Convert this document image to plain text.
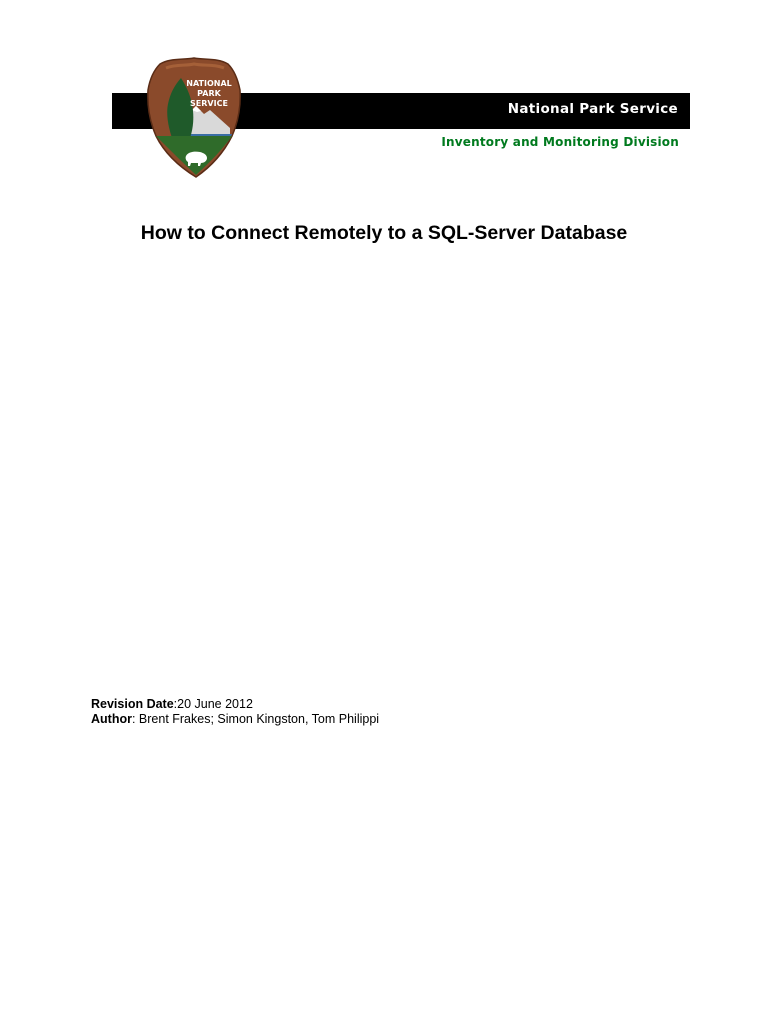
National Park Service
Inventory and Monitoring Division
NATIONAL
PARK
SERVICE
How to Connect Remotely to a SQL-Server Database
Revision Date:20 June 2012
Author: Brent Frakes; Simon Kingston, Tom Philippi
